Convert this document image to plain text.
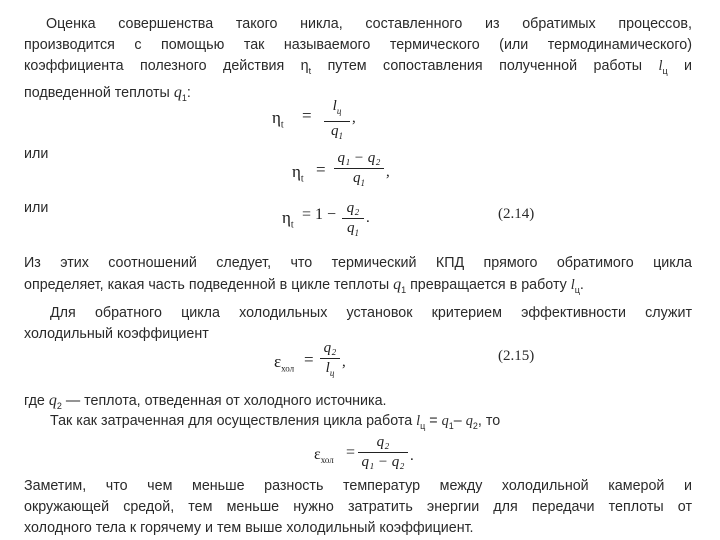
Оценка совершенства такого никла, составленного из обратимых процессов,
производится с помощью так называемого термического (или термодинамического)
коэффициента полезного действия $\eta_t$ путем сопоставления полученной работы $l_ц$ и
подведенной теплоты $q_1$:
$\eta_t$ =	$l_ц$
$q_1$
,
или
$\eta_t$ =
q₁ − q₂
$q_1$
,
или	$\eta_t$
= 1 − q₂
$q_1$
.	(2.14)
Из этих соотношений следует, что термический КПД прямого обратимого цикла
определяет, какая часть подведенной в цикле теплоты $q_1$ превращается в работу $l_ц$.
Для обратного цикла холодильных установок критерием эффективности служит
холодильный коэффициент
$\varepsilon_{хол}$ =
q₂
$l_ц$
,	(2.15)
где $q_2$ — теплота, отведенная от холодного источника.
Так как затраченная для осуществления цикла работа $l_ц = q_1-$ $q_2$, то
$\varepsilon_{хол}$ =
q₂
q₁ − q₂ .
Заметим, что чем меньше разность температур между холодильной камерой и
окружающей средой, тем меньше нужно затратить энергии для передачи теплоты от
холодного тела к горячему и тем выше холодильный коэффициент.
